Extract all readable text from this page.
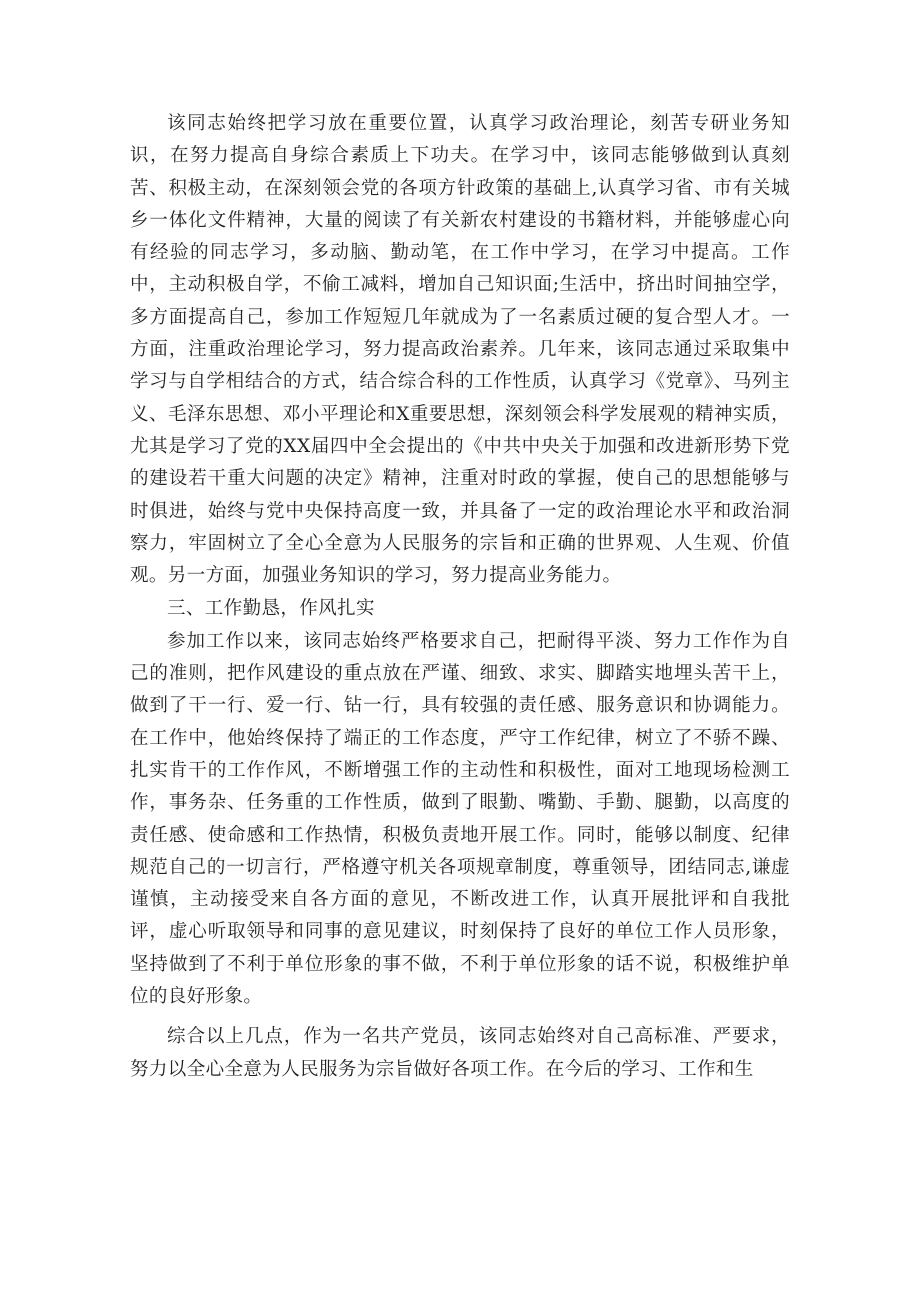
该同志始终把学习放在重要位置，认真学习政治理论，刻苦专研业务知识，在努力提高自身综合素质上下功夫。在学习中，该同志能够做到认真刻苦、积极主动，在深刻领会党的各项方针政策的基础上,认真学习省、市有关城乡一体化文件精神，大量的阅读了有关新农村建设的书籍材料，并能够虚心向有经验的同志学习，多动脑、勤动笔，在工作中学习，在学习中提高。工作中，主动积极自学，不偷工减料，增加自己知识面;生活中，挤出时间抽空学，多方面提高自己，参加工作短短几年就成为了一名素质过硬的复合型人才。一方面，注重政治理论学习，努力提高政治素养。几年来，该同志通过采取集中学习与自学相结合的方式，结合综合科的工作性质，认真学习《党章》、马列主义、毛泽东思想、邓小平理论和X重要思想，深刻领会科学发展观的精神实质，尤其是学习了党的XX届四中全会提出的《中共中央关于加强和改进新形势下党的建设若干重大问题的决定》精神，注重对时政的掌握，使自己的思想能够与时俱进，始终与党中央保持高度一致，并具备了一定的政治理论水平和政治洞察力，牢固树立了全心全意为人民服务的宗旨和正确的世界观、人生观、价值观。另一方面，加强业务知识的学习，努力提高业务能力。

三、工作勤恳，作风扎实

参加工作以来，该同志始终严格要求自己，把耐得平淡、努力工作作为自己的准则，把作风建设的重点放在严谨、细致、求实、脚踏实地埋头苦干上，做到了干一行、爱一行、钻一行，具有较强的责任感、服务意识和协调能力。在工作中，他始终保持了端正的工作态度，严守工作纪律，树立了不骄不躁、扎实肯干的工作作风，不断增强工作的主动性和积极性，面对工地现场检测工作，事务杂、任务重的工作性质，做到了眼勤、嘴勤、手勤、腿勤，以高度的责任感、使命感和工作热情，积极负责地开展工作。同时，能够以制度、纪律规范自己的一切言行，严格遵守机关各项规章制度，尊重领导，团结同志,谦虚谨慎，主动接受来自各方面的意见，不断改进工作，认真开展批评和自我批评，虚心听取领导和同事的意见建议，时刻保持了良好的单位工作人员形象，坚持做到了不利于单位形象的事不做，不利于单位形象的话不说，积极维护单位的良好形象。

综合以上几点，作为一名共产党员，该同志始终对自己高标准、严要求，努力以全心全意为人民服务为宗旨做好各项工作。在今后的学习、工作和生
